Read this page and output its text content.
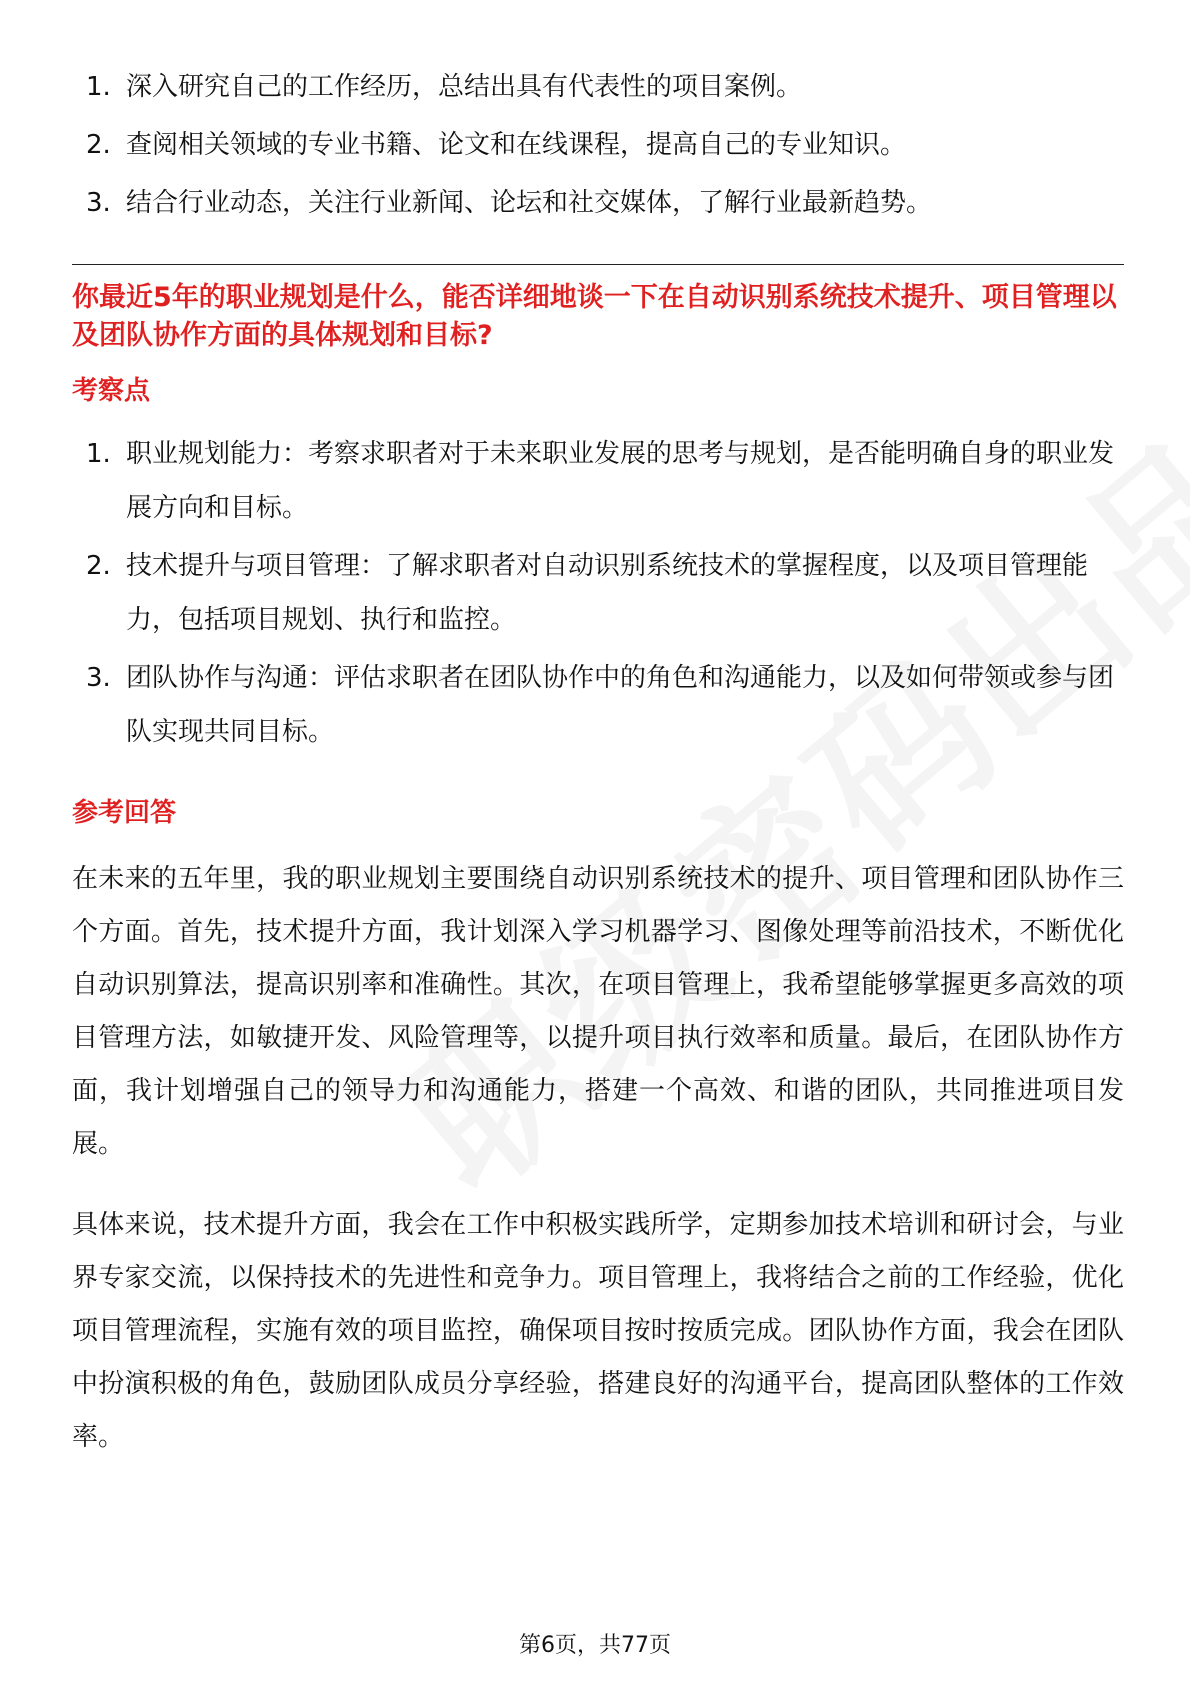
1. 深入研究自己的工作经历，总结出具有代表性的项目案例。
2. 查阅相关领域的专业书籍、论文和在线课程，提高自己的专业知识。
3. 结合行业动态，关注行业新闻、论坛和社交媒体，了解行业最新趋势。

你最近5年的职业规划是什么，能否详细地谈一下在自动识别系统技术提升、项目管理以及团队协作方面的具体规划和目标?

考察点
1. 职业规划能力：考察求职者对于未来职业发展的思考与规划，是否能明确自身的职业发展方向和目标。
2. 技术提升与项目管理：了解求职者对自动识别系统技术的掌握程度，以及项目管理能力，包括项目规划、执行和监控。
3. 团队协作与沟通：评估求职者在团队协作中的角色和沟通能力，以及如何带领或参与团队实现共同目标。
参考回答

在未来的五年里，我的职业规划主要围绕自动识别系统技术的提升、项目管理和团队协作三个方面。首先，技术提升方面，我计划深入学习机器学习、图像处理等前沿技术，不断优化自动识别算法，提高识别率和准确性。其次，在项目管理上，我希望能够掌握更多高效的项目管理方法，如敏捷开发、风险管理等，以提升项目执行效率和质量。最后，在团队协作方面，我计划增强自己的领导力和沟通能力，搭建一个高效、和谐的团队，共同推进项目发展。

具体来说，技术提升方面，我会在工作中积极实践所学，定期参加技术培训和研讨会，与业界专家交流，以保持技术的先进性和竞争力。项目管理上，我将结合之前的工作经验，优化项目管理流程，实施有效的项目监控，确保项目按时按质完成。团队协作方面，我会在团队中扮演积极的角色，鼓励团队成员分享经验，搭建良好的沟通平台，提高团队整体的工作效率。

第6页，共77页
